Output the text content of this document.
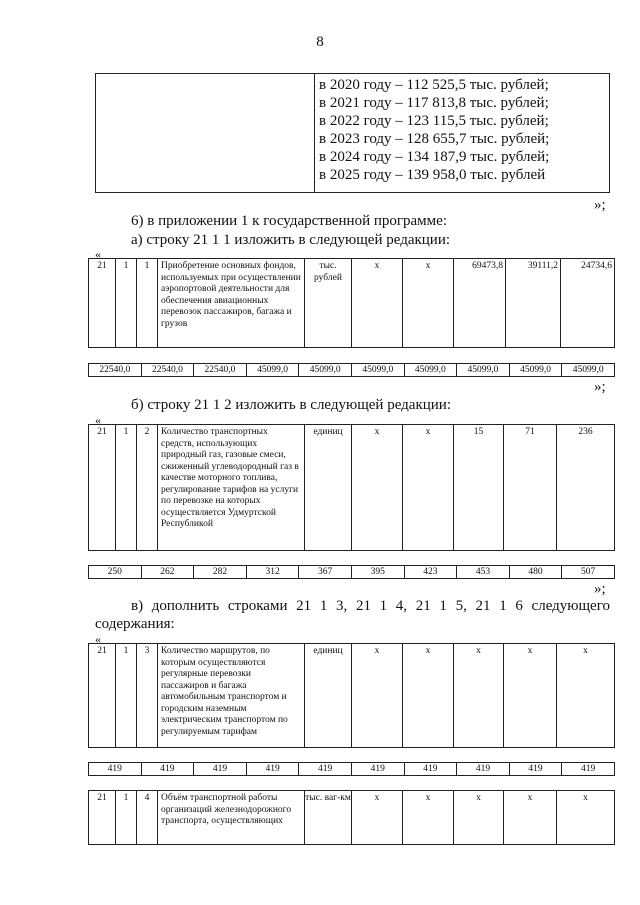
8

в 2020 году – 112 525,5 тыс. рублей;
в 2021 году – 117 813,8 тыс. рублей;
в 2022 году – 123 115,5 тыс. рублей;
в 2023 году – 128 655,7 тыс. рублей;
в 2024 году – 134 187,9 тыс. рублей;
в 2025 году – 139 958,0 тыс. рублей
»;
6) в приложении 1 к государственной программе:
а) строку 21 1 1 изложить в следующей редакции:
«
21	1	1	Приобретение основных фондов, используемых при осуществлении аэропортовой деятельности для обеспечения авиационных перевозок пассажиров, багажа и грузов	тыс. рублей	х	х	69473,8	39111,2	24734,6
22540,0	22540,0	22540,0	45099,0	45099,0	45099,0	45099,0	45099,0	45099,0	45099,0
»;
б) строку 21 1 2 изложить в следующей редакции:
«
21	1	2	Количество транспортных средств, использующих природный газ, газовые смеси, сжиженный углеводородный газ в качестве моторного топлива, регулирование тарифов на услуги по перевозке на которых осуществляется Удмуртской Республикой	единиц	х	х	15	71	236
250	262	282	312	367	395	423	453	480	507
»;
в) дополнить строками 21 1 3, 21 1 4, 21 1 5, 21 1 6 следующего содержания:
«
21	1	3	Количество маршрутов, по которым осуществляются регулярные перевозки пассажиров и багажа автомобильным транспортом и городским наземным электрическим транспортом по регулируемым тарифам	единиц	х	х	х	х	х
419	419	419	419	419	419	419	419	419	419
21	1	4	Объём транспортной работы организаций железнодорожного транспорта, осуществляющих	тыс. ваг-км	х	х	х	х	х
